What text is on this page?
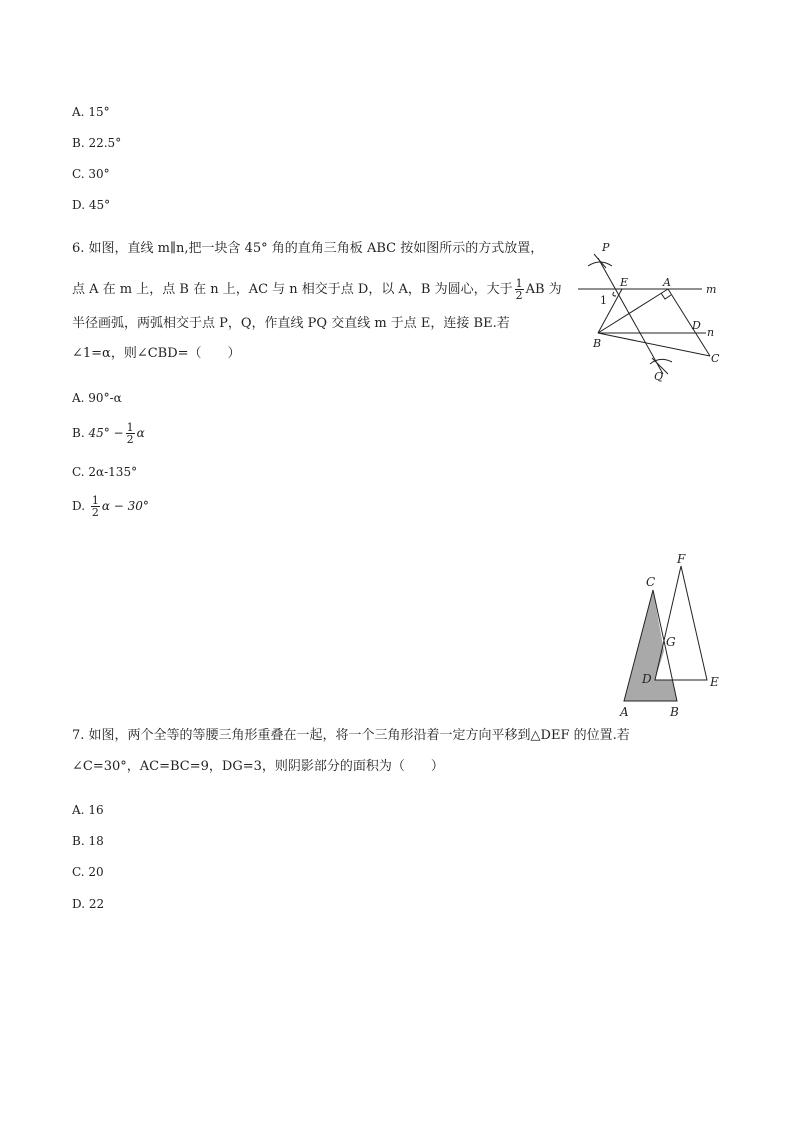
A. 15°
B. 22.5°
C. 30°
D. 45°
6. 如图，直线 m∥n,把一块含 45° 角的直角三角板 ABC 按如图所示的方式放置，
点 A 在 m 上，点 B 在 n 上，AC 与 n 相交于点 D，以 A，B 为圆心，大于 $\frac{1}{2}$ AB 为
半径画弧，两弧相交于点 P，Q，作直线 PQ 交直线 m 于点 E，连接 BE.若
∠1=α，则∠CBD=（　　）
A. 90°-α
B. $45^\circ - \frac{1}{2}$ α
C. 2α-135°
D. $\frac{1}{2}$ α − 30°
P
E	A
m
D
n
B
C
Q
1
C
F
G
D	E
A	B
7. 如图，两个全等的等腰三角形重叠在一起，将一个三角形沿着一定方向平移到△DEF 的位置.若
∠C=30°，AC=BC=9，DG=3，则阴影部分的面积为（　　）
A. 16
B. 18
C. 20
D. 22
